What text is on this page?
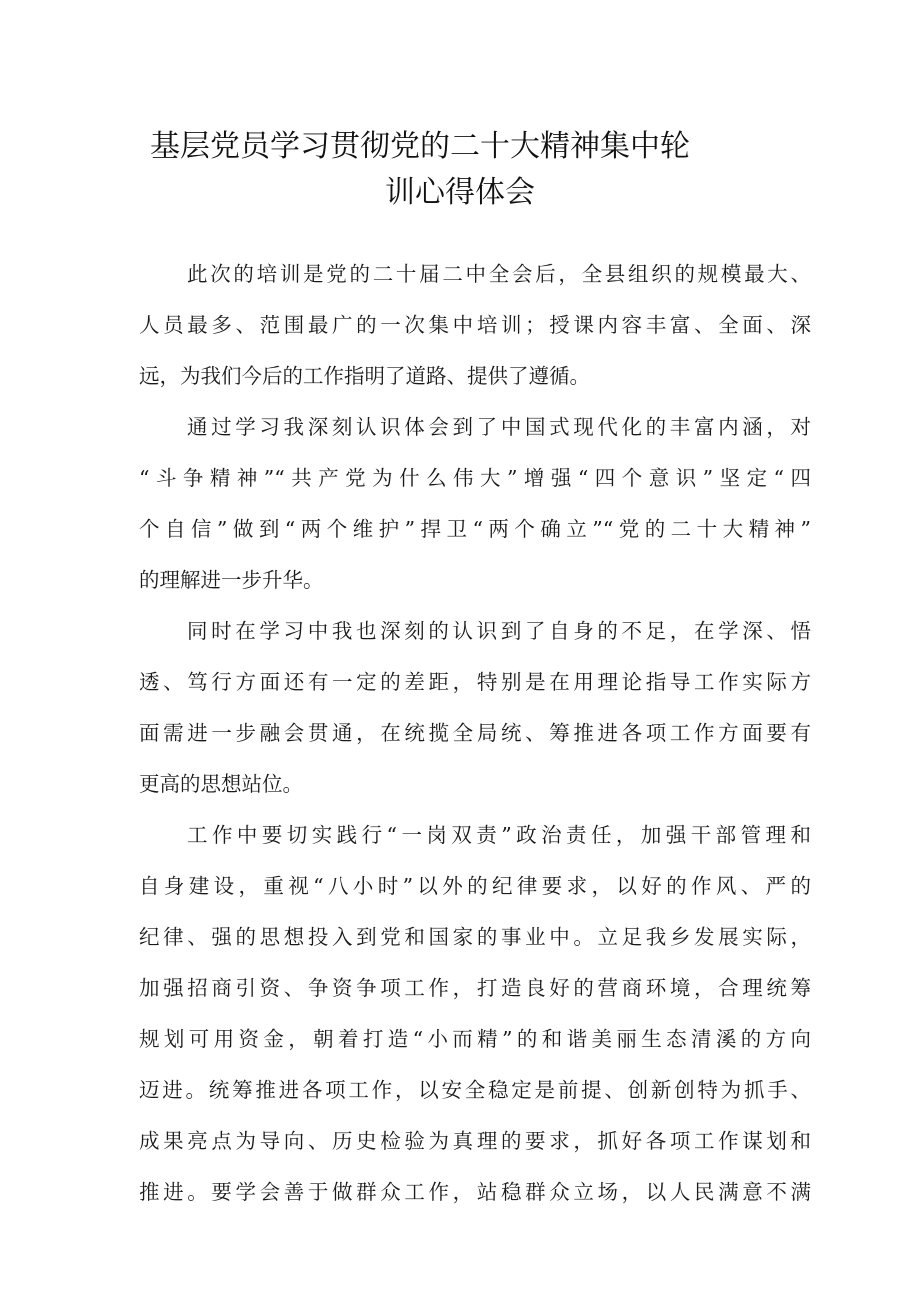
基层党员学习贯彻党的二十大精神集中轮
训心得体会

此次的培训是党的二十届二中全会后，全县组织的规模最大、
人员最多、范围最广的一次集中培训；授课内容丰富、全面、深
远，为我们今后的工作指明了道路、提供了遵循。

通过学习我深刻认识体会到了中国式现代化的丰富内涵，对
“斗争精神”“共产党为什么伟大”增强“四个意识”坚定“四
个自信”做到“两个维护”捍卫“两个确立”“党的二十大精神”
的理解进一步升华。

同时在学习中我也深刻的认识到了自身的不足，在学深、悟
透、笃行方面还有一定的差距，特别是在用理论指导工作实际方
面需进一步融会贯通，在统揽全局统、筹推进各项工作方面要有
更高的思想站位。

工作中要切实践行“一岗双责”政治责任，加强干部管理和
自身建设，重视“八小时”以外的纪律要求，以好的作风、严的
纪律、强的思想投入到党和国家的事业中。立足我乡发展实际，
加强招商引资、争资争项工作，打造良好的营商环境，合理统筹
规划可用资金，朝着打造“小而精”的和谐美丽生态清溪的方向
迈进。统筹推进各项工作，以安全稳定是前提、创新创特为抓手、
成果亮点为导向、历史检验为真理的要求，抓好各项工作谋划和
推进。要学会善于做群众工作，站稳群众立场，以人民满意不满
